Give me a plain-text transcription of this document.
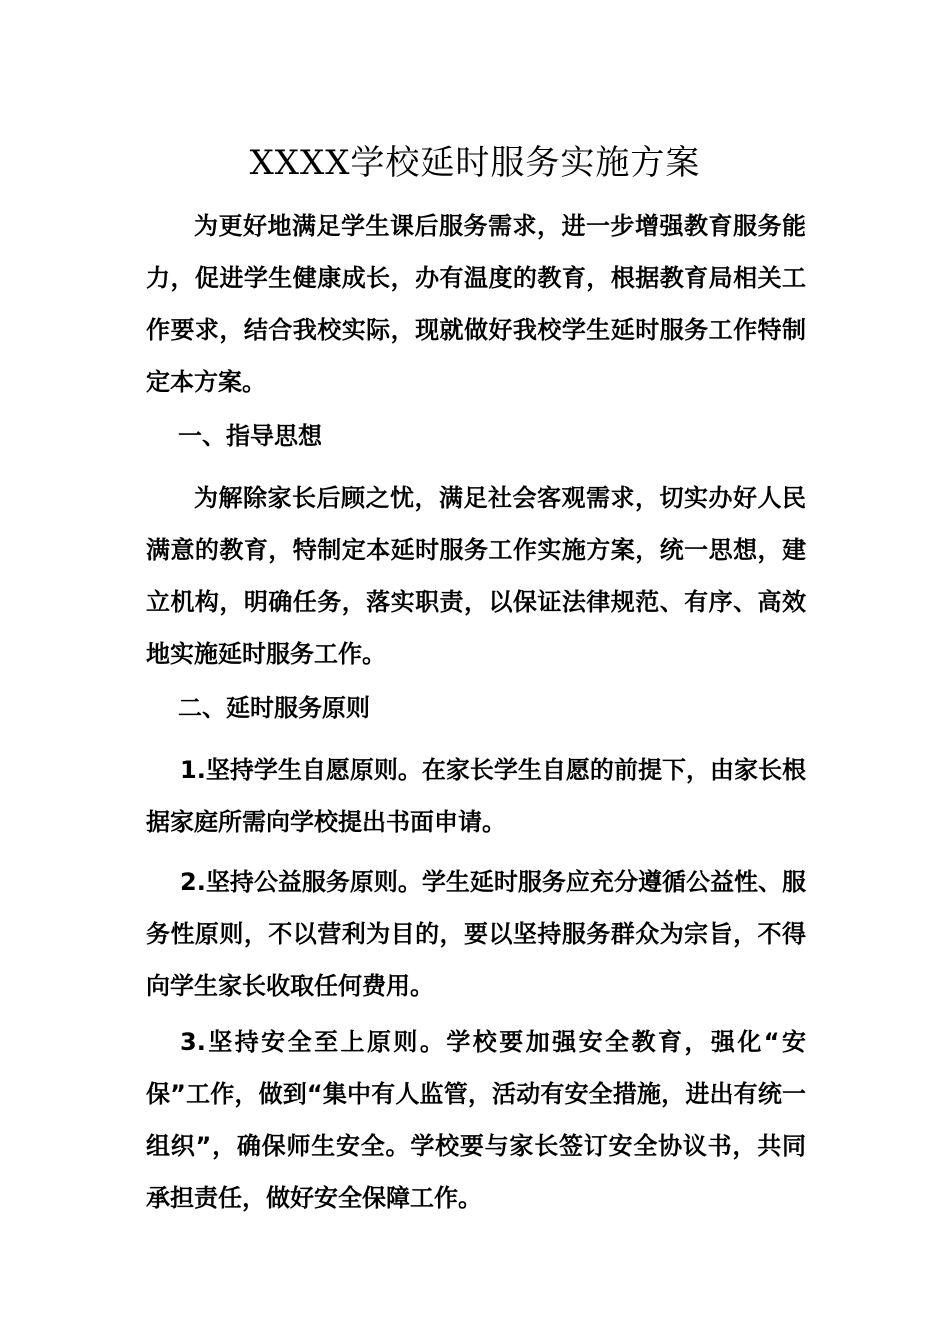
XXXX学校延时服务实施方案

为更好地满足学生课后服务需求，进一步增强教育服务能力，促进学生健康成长，办有温度的教育，根据教育局相关工作要求，结合我校实际，现就做好我校学生延时服务工作特制定本方案。

一、指导思想

为解除家长后顾之忧，满足社会客观需求，切实办好人民满意的教育，特制定本延时服务工作实施方案，统一思想，建立机构，明确任务，落实职责，以保证法律规范、有序、高效地实施延时服务工作。

二、延时服务原则

1.坚持学生自愿原则。在家长学生自愿的前提下，由家长根据家庭所需向学校提出书面申请。

2.坚持公益服务原则。学生延时服务应充分遵循公益性、服务性原则，不以营利为目的，要以坚持服务群众为宗旨，不得向学生家长收取任何费用。

3.坚持安全至上原则。学校要加强安全教育，强化“安保”工作，做到“集中有人监管，活动有安全措施，进出有统一组织”，确保师生安全。学校要与家长签订安全协议书，共同承担责任，做好安全保障工作。
